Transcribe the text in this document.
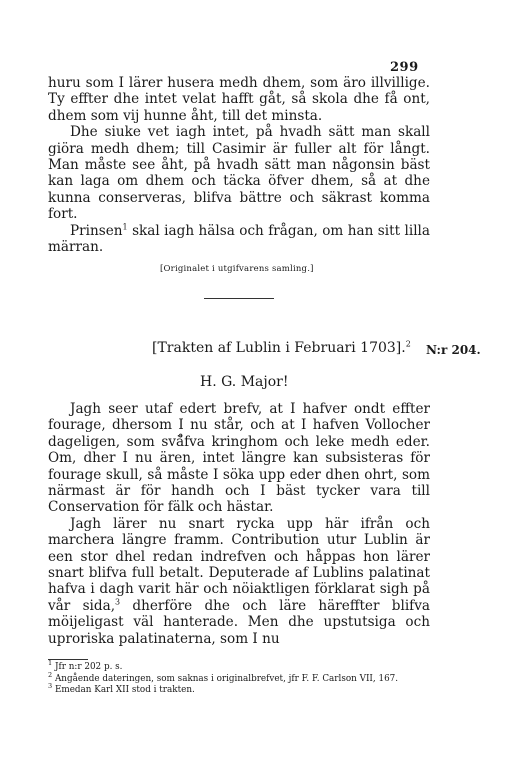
299

huru som I lärer husera medh dhem, som äro illvillige. Ty effter dhe intet velat hafft gåt, så skola dhe få ont, dhem som vij hunne åht, till det minsta.

Dhe siuke vet iagh intet, på hvadh sätt man skall giöra medh dhem; till Casimir är fuller alt för långt. Man måste see åht, på hvadh sätt man någonsin bäst kan laga om dhem och täcka öfver dhem, så at dhe kunna conserveras, blifva bättre och säkrast komma fort.

Prinsen$^1$ skal iagh hälsa och frågan, om han sitt lilla märran.

[Originalet i utgifvarens samling.]
[Trakten af Lublin i Februari 1703].$^2$ N:r 204.
H. G. Major!

Jagh seer utaf edert brefv, at I hafver ondt effter fourage, dhersom I nu står, och at I hafven Vollocher dageligen, som svä̊fva kringhom och leke medh eder. Om, dher I nu ären, intet längre kan subsisteras för fourage skull, så måste I söka upp eder dhen ohrt, som närmast är för handh och I bäst tycker vara till Conservation för fälk och hästar.

Jagh lärer nu snart rycka upp här ifrån och marchera längre framm. Contribution utur Lublin är een stor dhel redan indrefven och håppas hon lärer snart blifva full betalt. Deputerade af Lublins palatinat hafva i dagh varit här och nöiaktligen förklarat sigh på vår sida,$^3$ dherföre dhe och läre häreffter blifva möijeligast väl hanterade. Men dhe upstutsiga och uproriska palatinaterna, som I nu

$^1$ Jfr n:r 202 p. s.

$^2$ Angående dateringen, som saknas i originalbrefvet, jfr F. F. Carlson VII, 167.

$^3$ Emedan Karl XII stod i trakten.
